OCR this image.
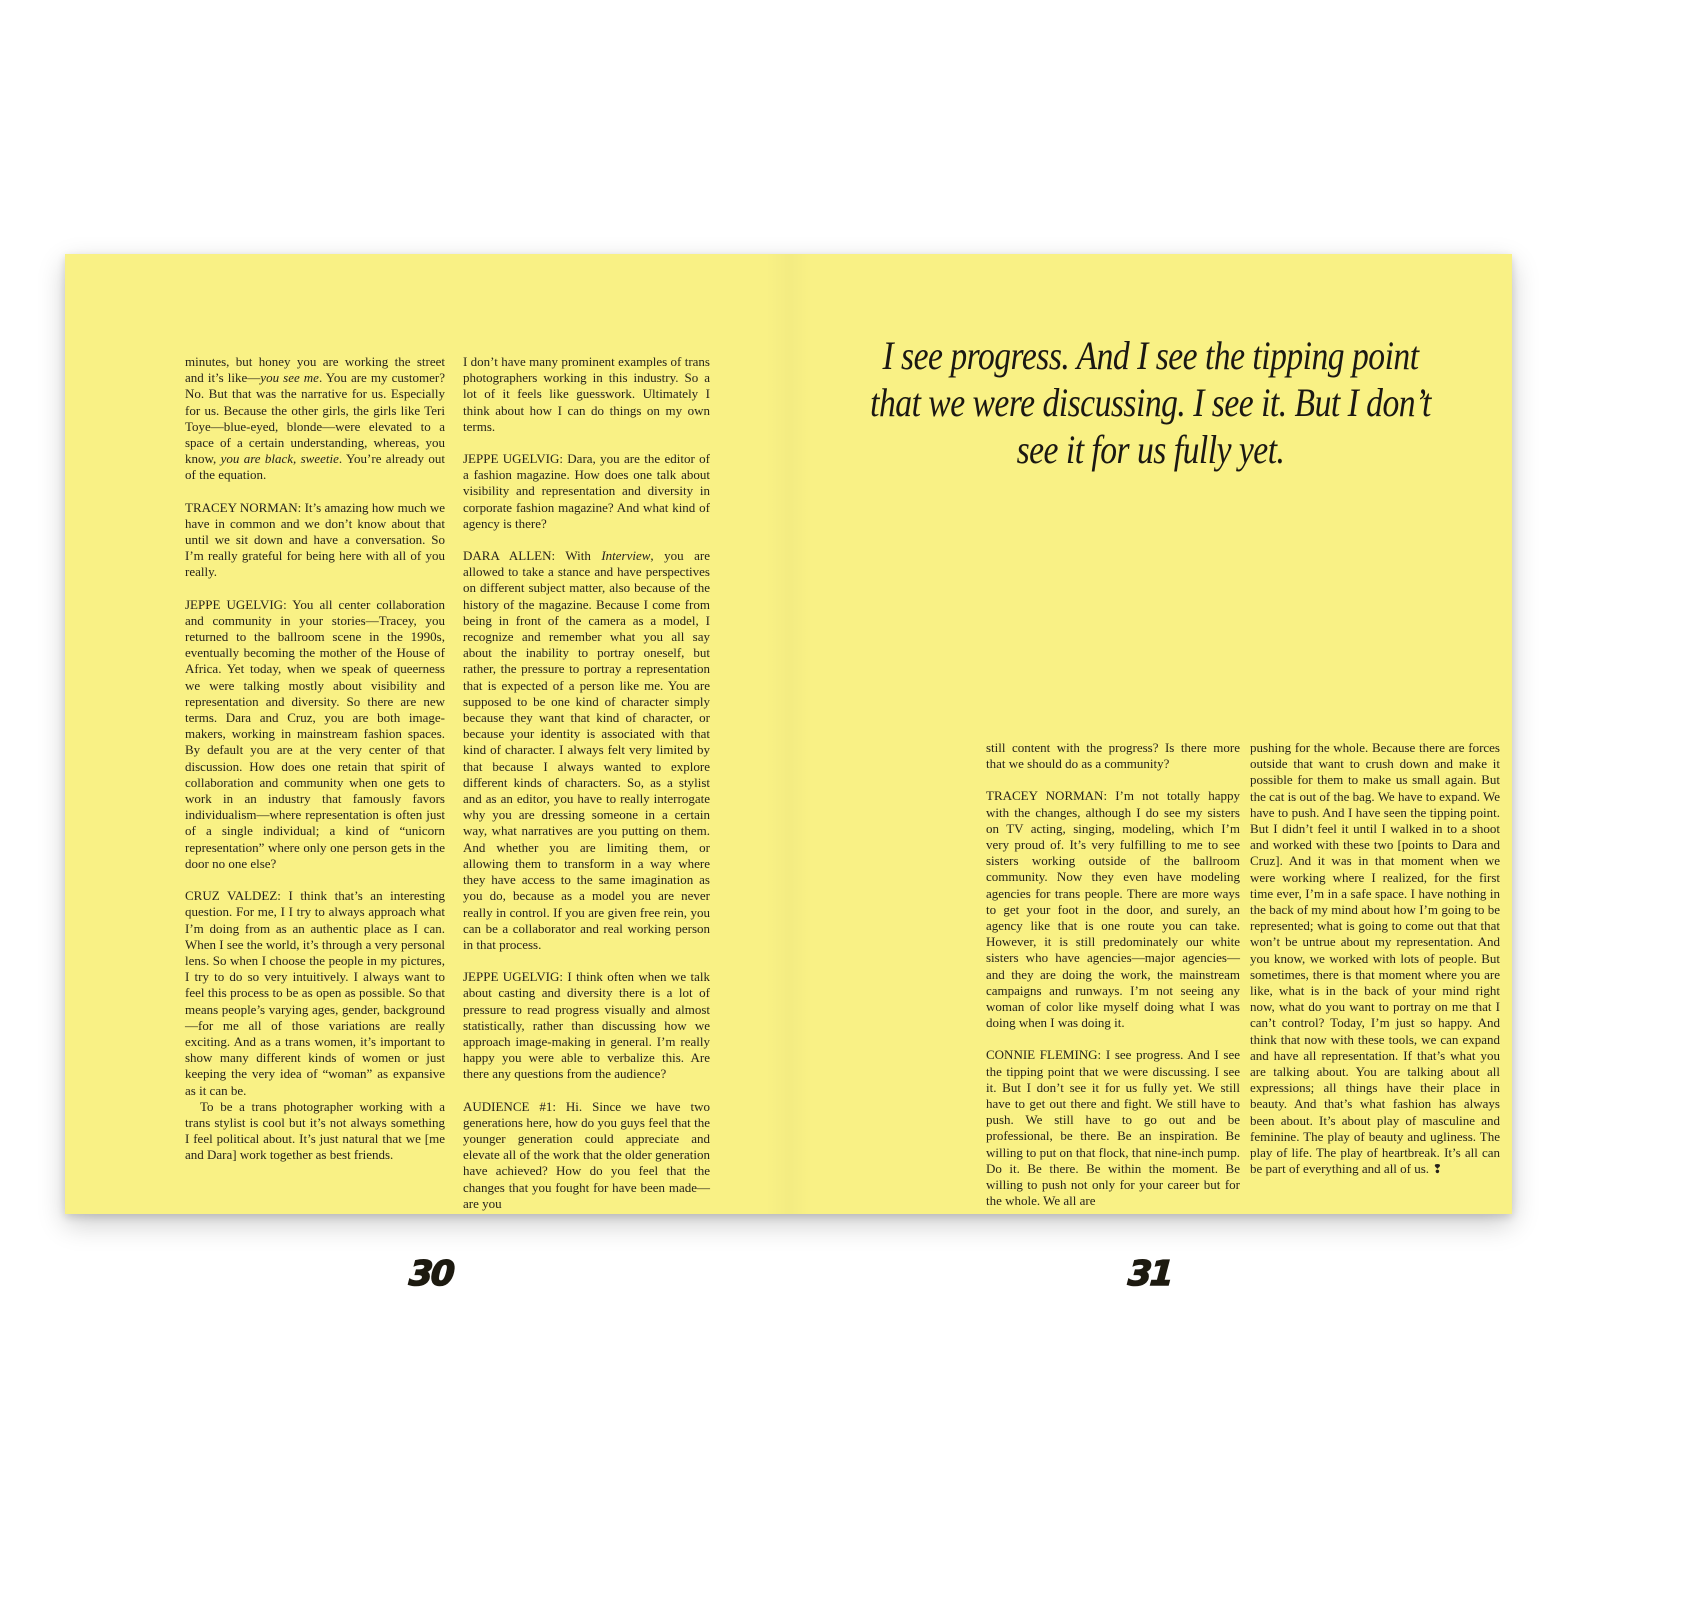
I see progress. And I see the tipping point
that we were discussing. I see it. But I don’t
see it for us fully yet.

minutes, but honey you are working the street and it’s like—you see me. You are my customer? No. But that was the narrative for us. Especially for us. Because the other girls, the girls like Teri Toye—blue-eyed, blonde—were elevated to a space of a certain understanding, whereas, you know, you are black, sweetie. You’re already out of the equation.

TRACEY NORMAN: It’s amazing how much we have in common and we don’t know about that until we sit down and have a conversation. So I’m really grateful for being here with all of you really.

JEPPE UGELVIG: You all center collaboration and community in your stories—Tracey, you returned to the ballroom scene in the 1990s, eventually becoming the mother of the House of Africa. Yet today, when we speak of queerness we were talking mostly about visibility and representation and diversity. So there are new terms. Dara and Cruz, you are both image-makers, working in mainstream fashion spaces. By default you are at the very center of that discussion. How does one retain that spirit of collaboration and community when one gets to work in an industry that famously favors individualism—where representation is often just of a single individual; a kind of “unicorn representation” where only one person gets in the door no one else?

CRUZ VALDEZ: I think that’s an interesting question. For me, I I try to always approach what I’m doing from as an authentic place as I can. When I see the world, it’s through a very personal lens. So when I choose the people in my pictures, I try to do so very intuitively. I always want to feel this process to be as open as possible. So that means people’s varying ages, gender, background—for me all of those variations are really exciting. And as a trans women, it’s important to show many different kinds of women or just keeping the very idea of “woman” as expansive as it can be.

To be a trans photographer working with a trans stylist is cool but it’s not always something I feel political about. It’s just natural that we [me and Dara] work together as best friends.

I don’t have many prominent examples of trans photographers working in this industry. So a lot of it feels like guesswork. Ultimately I think about how I can do things on my own terms.

JEPPE UGELVIG: Dara, you are the editor of a fashion magazine. How does one talk about visibility and representation and diversity in corporate fashion magazine? And what kind of agency is there?

DARA ALLEN: With Interview, you are allowed to take a stance and have perspectives on different subject matter, also because of the history of the magazine. Because I come from being in front of the camera as a model, I recognize and remember what you all say about the inability to portray oneself, but rather, the pressure to portray a representation that is expected of a person like me. You are supposed to be one kind of character simply because they want that kind of character, or because your identity is associated with that kind of character. I always felt very limited by that because I always wanted to explore different kinds of characters. So, as a stylist and as an editor, you have to really interrogate why you are dressing someone in a certain way, what narratives are you putting on them. And whether you are limiting them, or allowing them to transform in a way where they have access to the same imagination as you do, because as a model you are never really in control. If you are given free rein, you can be a collaborator and real working person in that process.

JEPPE UGELVIG: I think often when we talk about casting and diversity there is a lot of pressure to read progress visually and almost statistically, rather than discussing how we approach image-making in general. I’m really happy you were able to verbalize this. Are there any questions from the audience?

AUDIENCE #1: Hi. Since we have two generations here, how do you guys feel that the younger generation could appreciate and elevate all of the work that the older generation have achieved? How do you feel that the changes that you fought for have been made—are you

still content with the progress? Is there more that we should do as a community?

TRACEY NORMAN: I’m not totally happy with the changes, although I do see my sisters on TV acting, singing, modeling, which I’m very proud of. It’s very fulfilling to me to see sisters working outside of the ballroom community. Now they even have modeling agencies for trans people. There are more ways to get your foot in the door, and surely, an agency like that is one route you can take. However, it is still predominately our white sisters who have agencies—major agencies—and they are doing the work, the mainstream campaigns and runways. I’m not seeing any woman of color like myself doing what I was doing when I was doing it.

CONNIE FLEMING: I see progress. And I see the tipping point that we were discussing. I see it. But I don’t see it for us fully yet. We still have to get out there and fight. We still have to push. We still have to go out and be professional, be there. Be an inspiration. Be willing to put on that flock, that nine-inch pump. Do it. Be there. Be within the moment. Be willing to push not only for your career but for the whole. We all are

pushing for the whole. Because there are forces outside that want to crush down and make it possible for them to make us small again. But the cat is out of the bag. We have to expand. We have to push. And I have seen the tipping point. But I didn’t feel it until I walked in to a shoot and worked with these two [points to Dara and Cruz]. And it was in that moment when we were working where I realized, for the first time ever, I’m in a safe space. I have nothing in the back of my mind about how I’m going to be represented; what is going to come out that that won’t be untrue about my representation. And you know, we worked with lots of people. But sometimes, there is that moment where you are like, what is in the back of your mind right now, what do you want to portray on me that I can’t control? Today, I’m just so happy. And think that now with these tools, we can expand and have all representation. If that’s what you are talking about. You are talking about all expressions; all things have their place in beauty. And that’s what fashion has always been about. It’s about play of masculine and feminine. The play of beauty and ugliness. The play of life. The play of heartbreak. It’s all can be part of everything and all of us. ❢

30	31
